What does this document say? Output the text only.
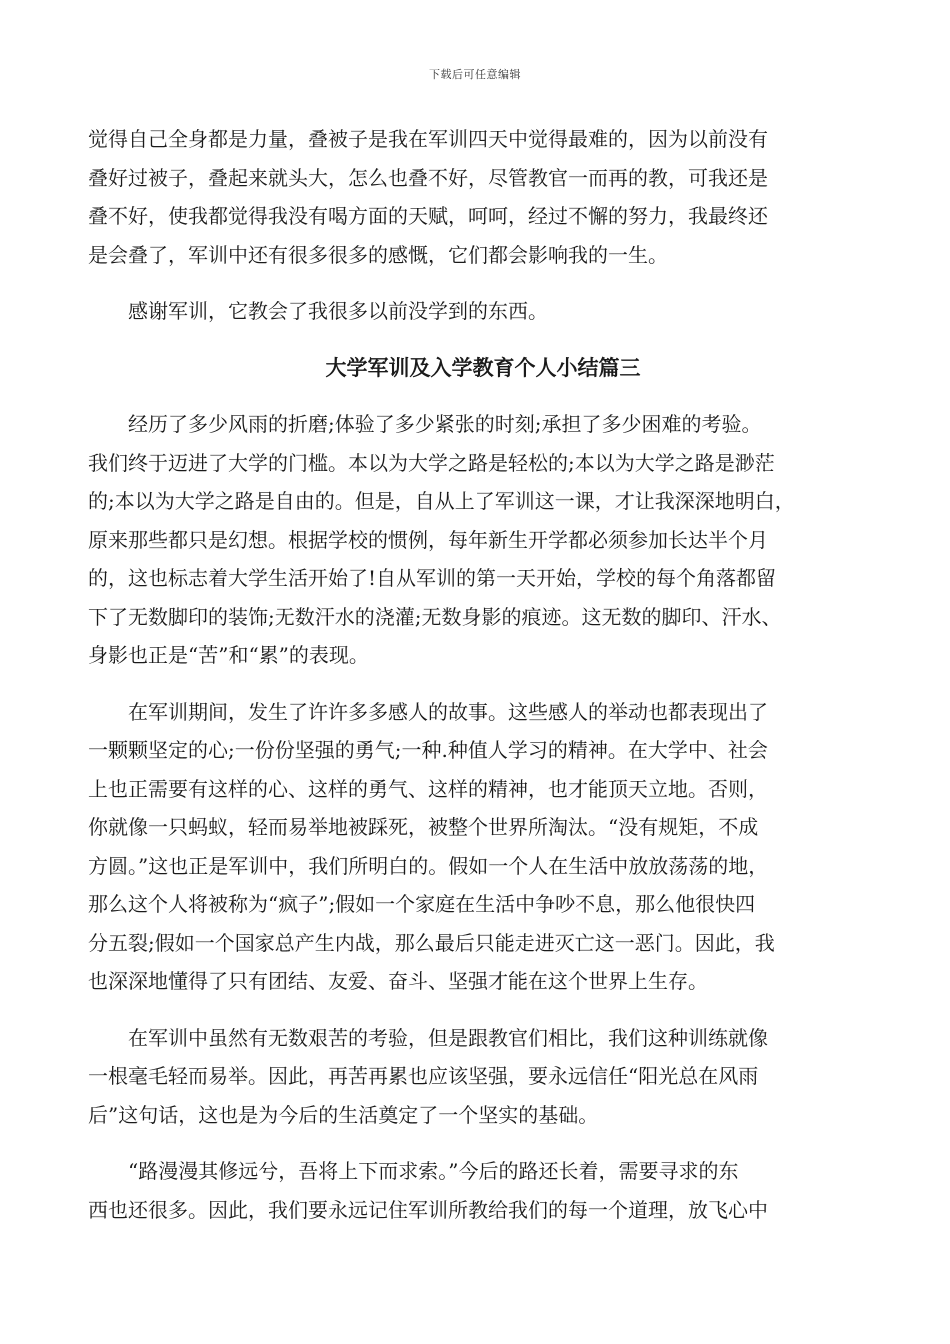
下载后可任意编辑
觉得自己全身都是力量，叠被子是我在军训四天中觉得最难的，因为以前没有
叠好过被子，叠起来就头大，怎么也叠不好，尽管教官一而再的教，可我还是
叠不好，使我都觉得我没有喝方面的天赋，呵呵，经过不懈的努力，我最终还
是会叠了，军训中还有很多很多的感慨，它们都会影响我的一生。
　　感谢军训，它教会了我很多以前没学到的东西。
大学军训及入学教育个人小结篇三
　　经历了多少风雨的折磨;体验了多少紧张的时刻;承担了多少困难的考验。
我们终于迈进了大学的门槛。本以为大学之路是轻松的;本以为大学之路是渺茫
的;本以为大学之路是自由的。但是，自从上了军训这一课，才让我深深地明白，
原来那些都只是幻想。根据学校的惯例，每年新生开学都必须参加长达半个月
的，这也标志着大学生活开始了!自从军训的第一天开始，学校的每个角落都留
下了无数脚印的装饰;无数汗水的浇灌;无数身影的痕迹。这无数的脚印、汗水、
身影也正是“苦”和“累”的表现。
　　在军训期间，发生了许许多多感人的故事。这些感人的举动也都表现出了
一颗颗坚定的心;一份份坚强的勇气;一种.种值人学习的精神。在大学中、社会
上也正需要有这样的心、这样的勇气、这样的精神，也才能顶天立地。否则，
你就像一只蚂蚁，轻而易举地被踩死，被整个世界所淘汰。“没有规矩，不成
方圆。”这也正是军训中，我们所明白的。假如一个人在生活中放放荡荡的地，
那么这个人将被称为“疯子”;假如一个家庭在生活中争吵不息，那么他很快四
分五裂;假如一个国家总产生内战，那么最后只能走进灭亡这一恶门。因此，我
也深深地懂得了只有团结、友爱、奋斗、坚强才能在这个世界上生存。
　　在军训中虽然有无数艰苦的考验，但是跟教官们相比，我们这种训练就像
一根毫毛轻而易举。因此，再苦再累也应该坚强，要永远信任“阳光总在风雨
后”这句话，这也是为今后的生活奠定了一个坚实的基础。
　　“路漫漫其修远兮，吾将上下而求索。”今后的路还长着，需要寻求的东
西也还很多。因此，我们要永远记住军训所教给我们的每一个道理，放飞心中
